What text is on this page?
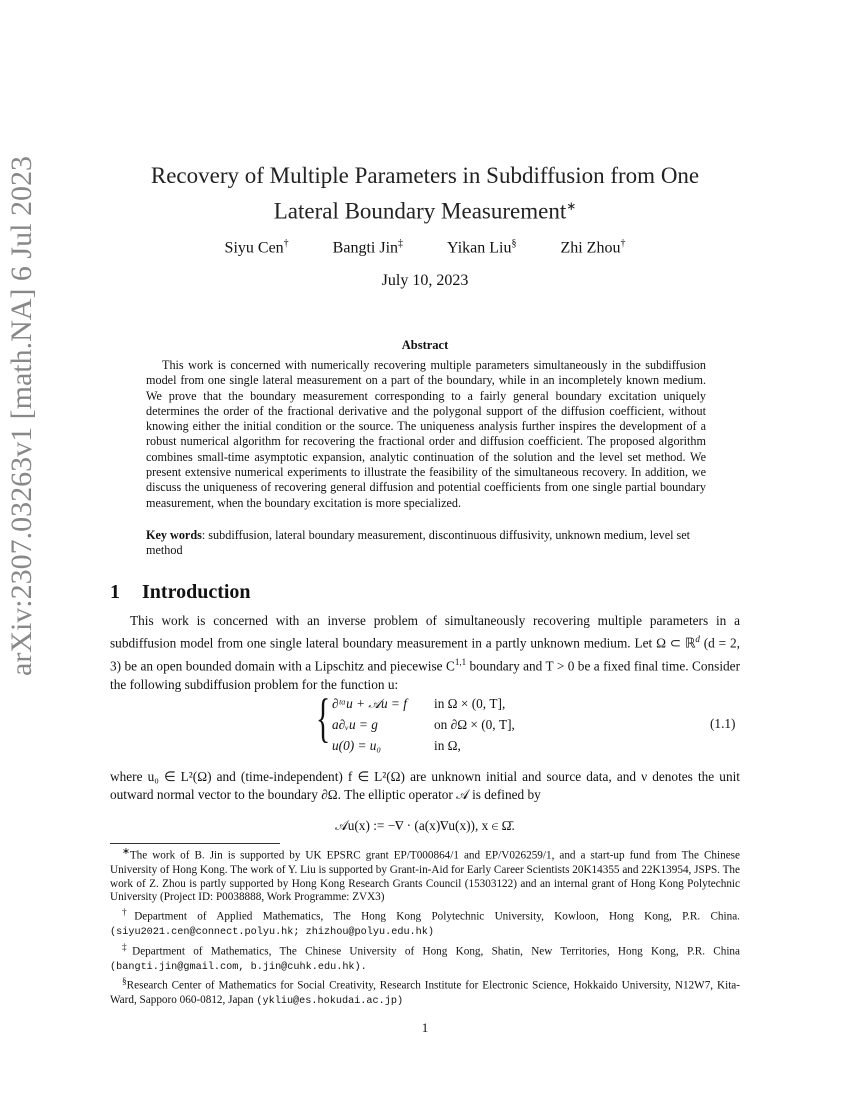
arXiv:2307.03263v1 [math.NA] 6 Jul 2023	Recovery of Multiple Parameters in Subdiffusion from One
Lateral Boundary Measurement∗
Siyu Cen†	Bangti Jin‡	Yikan Liu§	Zhi Zhou†
July 10, 2023
Abstract
This work is concerned with numerically recovering multiple parameters simultaneously in the subdiffusion model from one single lateral measurement on a part of the boundary, while in an incompletely known medium. We prove that the boundary measurement corresponding to a fairly general boundary excitation uniquely determines the order of the fractional derivative and the polygonal support of the diffusion coefficient, without knowing either the initial condition or the source. The uniqueness analysis further inspires the development of a robust numerical algorithm for recovering the fractional order and diffusion coefficient. The proposed algorithm combines small-time asymptotic expansion, analytic continuation of the solution and the level set method. We present extensive numerical experiments to illustrate the feasibility of the simultaneous recovery. In addition, we discuss the uniqueness of recovering general diffusion and potential coefficients from one single partial boundary measurement, when the boundary excitation is more specialized.
Key words: subdiffusion, lateral boundary measurement, discontinuous diffusivity, unknown medium, level set method
1 Introduction
This work is concerned with an inverse problem of simultaneously recovering multiple parameters in a subdiffusion model from one single lateral boundary measurement in a partly unknown medium. Let Ω ⊂ ℝ$^d$ (d = 2, 3) be an open bounded domain with a Lipschitz and piecewise C$^{1,1}$ boundary and T > 0 be a fixed final time. Consider the following subdiffusion problem for the function u:
{ ∂ᵗᵅu + 𝒜u = f in Ω × (0, T],
a∂ᵥu = g	on ∂Ω × (0, T],
u(0) = u₀	in Ω,
(1.1)
where u₀ ∈ L²(Ω) and (time-independent) f ∈ L²(Ω) are unknown initial and source data, and ν denotes the unit outward normal vector to the boundary ∂Ω. The elliptic operator 𝒜 is defined by
𝒜u(x) := −∇ · (a(x)∇u(x)), x ∈ Ω̄.

∗The work of B. Jin is supported by UK EPSRC grant EP/T000864/1 and EP/V026259/1, and a start-up fund from The Chinese University of Hong Kong. The work of Y. Liu is supported by Grant-in-Aid for Early Career Scientists 20K14355 and 22K13954, JSPS. The work of Z. Zhou is partly supported by Hong Kong Research Grants Council (15303122) and an internal grant of Hong Kong Polytechnic University (Project ID: P0038888, Work Programme: ZVX3)

†Department of Applied Mathematics, The Hong Kong Polytechnic University, Kowloon, Hong Kong, P.R. China. (siyu2021.cen@connect.polyu.hk; zhizhou@polyu.edu.hk)

‡Department of Mathematics, The Chinese University of Hong Kong, Shatin, New Territories, Hong Kong, P.R. China (bangti.jin@gmail.com, b.jin@cuhk.edu.hk).

§Research Center of Mathematics for Social Creativity, Research Institute for Electronic Science, Hokkaido University, N12W7, Kita-Ward, Sapporo 060-0812, Japan (ykliu@es.hokudai.ac.jp)

1
